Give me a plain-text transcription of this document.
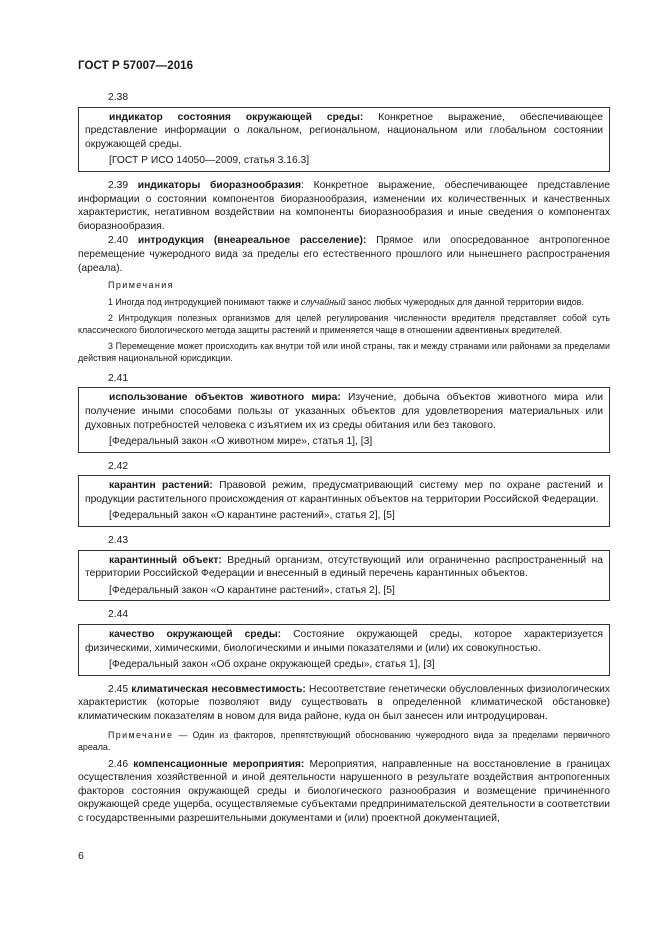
ГОСТ Р 57007—2016

2.38

индикатор состояния окружающей среды: Конкретное выражение, обеспечивающее представление информации о локальном, региональном, национальном или глобальном состоянии окружающей среды.

[ГОСТ Р ИСО 14050—2009, статья 3.16.3]

2.39 индикаторы биоразнообразия: Конкретное выражение, обеспечивающее представление информации о состоянии компонентов биоразнообразия, изменении их количественных и качественных характеристик, негативном воздействии на компоненты биоразнообразия и иные сведения о компонентах биоразнообразия.

2.40 интродукция (внеареальное расселение): Прямое или опосредованное антропогенное перемещение чужеродного вида за пределы его естественного прошлого или нынешнего распространения (ареала).

Примечания

1 Иногда под интродукцией понимают также и случайный занос любых чужеродных для данной территории видов.

2 Интродукция полезных организмов для целей регулирования численности вредителя представляет собой суть классического биологического метода защиты растений и применяется чаще в отношении адвентивных вредителей.

3 Перемещение может происходить как внутри той или иной страны, так и между странами или районами за пределами действия национальной юрисдикции.

2.41

использование объектов животного мира: Изучение, добыча объектов животного мира или получение иными способами пользы от указанных объектов для удовлетворения материальных или духовных потребностей человека с изъятием их из среды обитания или без такового.

[Федеральный закон «О животном мире», статья 1], [3]

2.42

карантин растений: Правовой режим, предусматривающий систему мер по охране растений и продукции растительного происхождения от карантинных объектов на территории Российской Федерации.

[Федеральный закон «О карантине растений», статья 2], [5]

2.43

карантинный объект: Вредный организм, отсутствующий или ограниченно распространенный на территории Российской Федерации и внесенный в единый перечень карантинных объектов.

[Федеральный закон «О карантине растений», статья 2], [5]

2.44

качество окружающей среды: Состояние окружающей среды, которое характеризуется физическими, химическими, биологическими и иными показателями и (или) их совокупностью.

[Федеральный закон «Об охране окружающей среды», статья 1], [3]

2.45 климатическая несовместимость: Несоответствие генетически обусловленных физиологических характеристик (которые позволяют виду существовать в определенной климатической обстановке) климатическим показателям в новом для вида районе, куда он был занесен или интродуцирован.

Примечание — Один из факторов, препятствующий обоснованию чужеродного вида за пределами первичного ареала.

2.46 компенсационные мероприятия: Мероприятия, направленные на восстановление в границах осуществления хозяйственной и иной деятельности нарушенного в результате воздействия антропогенных факторов состояния окружающей среды и биологического разнообразия и возмещение причиненного окружающей среде ущерба, осуществляемые субъектами предпринимательской деятельности в соответствии с государственными разрешительными документами и (или) проектной документацией,

6
